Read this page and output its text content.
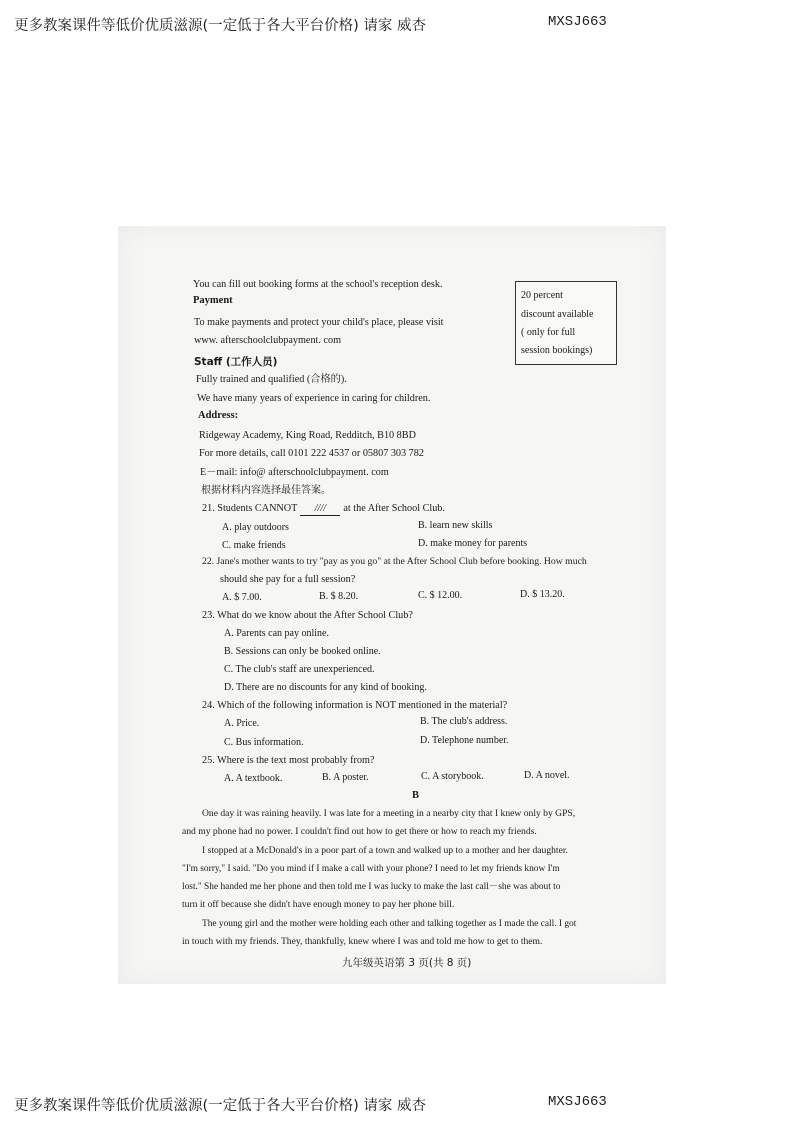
更多教案课件等低价优质滋源(一定低于各大平台价格) 请家 威杏	MXSJ663
You can fill out booking forms at the school's reception desk.
Payment
To make payments and protect your child's place, please visit
www. afterschoolclubpayment. com
Staff (工作人员)
Fully trained and qualified (合格的).
We have many years of experience in caring for children.
Address:
Ridgeway Academy, King Road, Redditch, B10 8BD
For more details, call 0101 222 4537 or 05807 303 782
E－mail: info@ afterschoolclubpayment. com
根据材料内容选择最佳答案。
20 percent
discount available
( only for full
session bookings)
21. Students CANNOT //// at the After School Club.
A. play outdoors	B. learn new skills
C. make friends	D. make money for parents
22. Jane's mother wants to try "pay as you go" at the After School Club before booking. How much
should she pay for a full session?
A. $ 7.00.	B. $ 8.20.	C. $ 12.00.	D. $ 13.20.
23. What do we know about the After School Club?
A. Parents can pay online.
B. Sessions can only be booked online.
C. The club's staff are unexperienced.
D. There are no discounts for any kind of booking.
24. Which of the following information is NOT mentioned in the material?
A. Price.	B. The club's address.
C. Bus information.	D. Telephone number.
25. Where is the text most probably from?
A. A textbook.	B. A poster.	C. A storybook.	D. A novel.
B
One day it was raining heavily. I was late for a meeting in a nearby city that I knew only by GPS,
and my phone had no power. I couldn't find out how to get there or how to reach my friends.
I stopped at a McDonald's in a poor part of a town and walked up to a mother and her daughter.
"I'm sorry," I said. "Do you mind if I make a call with your phone? I need to let my friends know I'm
lost." She handed me her phone and then told me I was lucky to make the last call－she was about to
turn it off because she didn't have enough money to pay her phone bill.
The young girl and the mother were holding each other and talking together as I made the call. I got
in touch with my friends. They, thankfully, knew where I was and told me how to get to them.
九年级英语第 3 页(共 8 页)
更多教案课件等低价优质滋源(一定低于各大平台价格) 请家 威杏	MXSJ663
